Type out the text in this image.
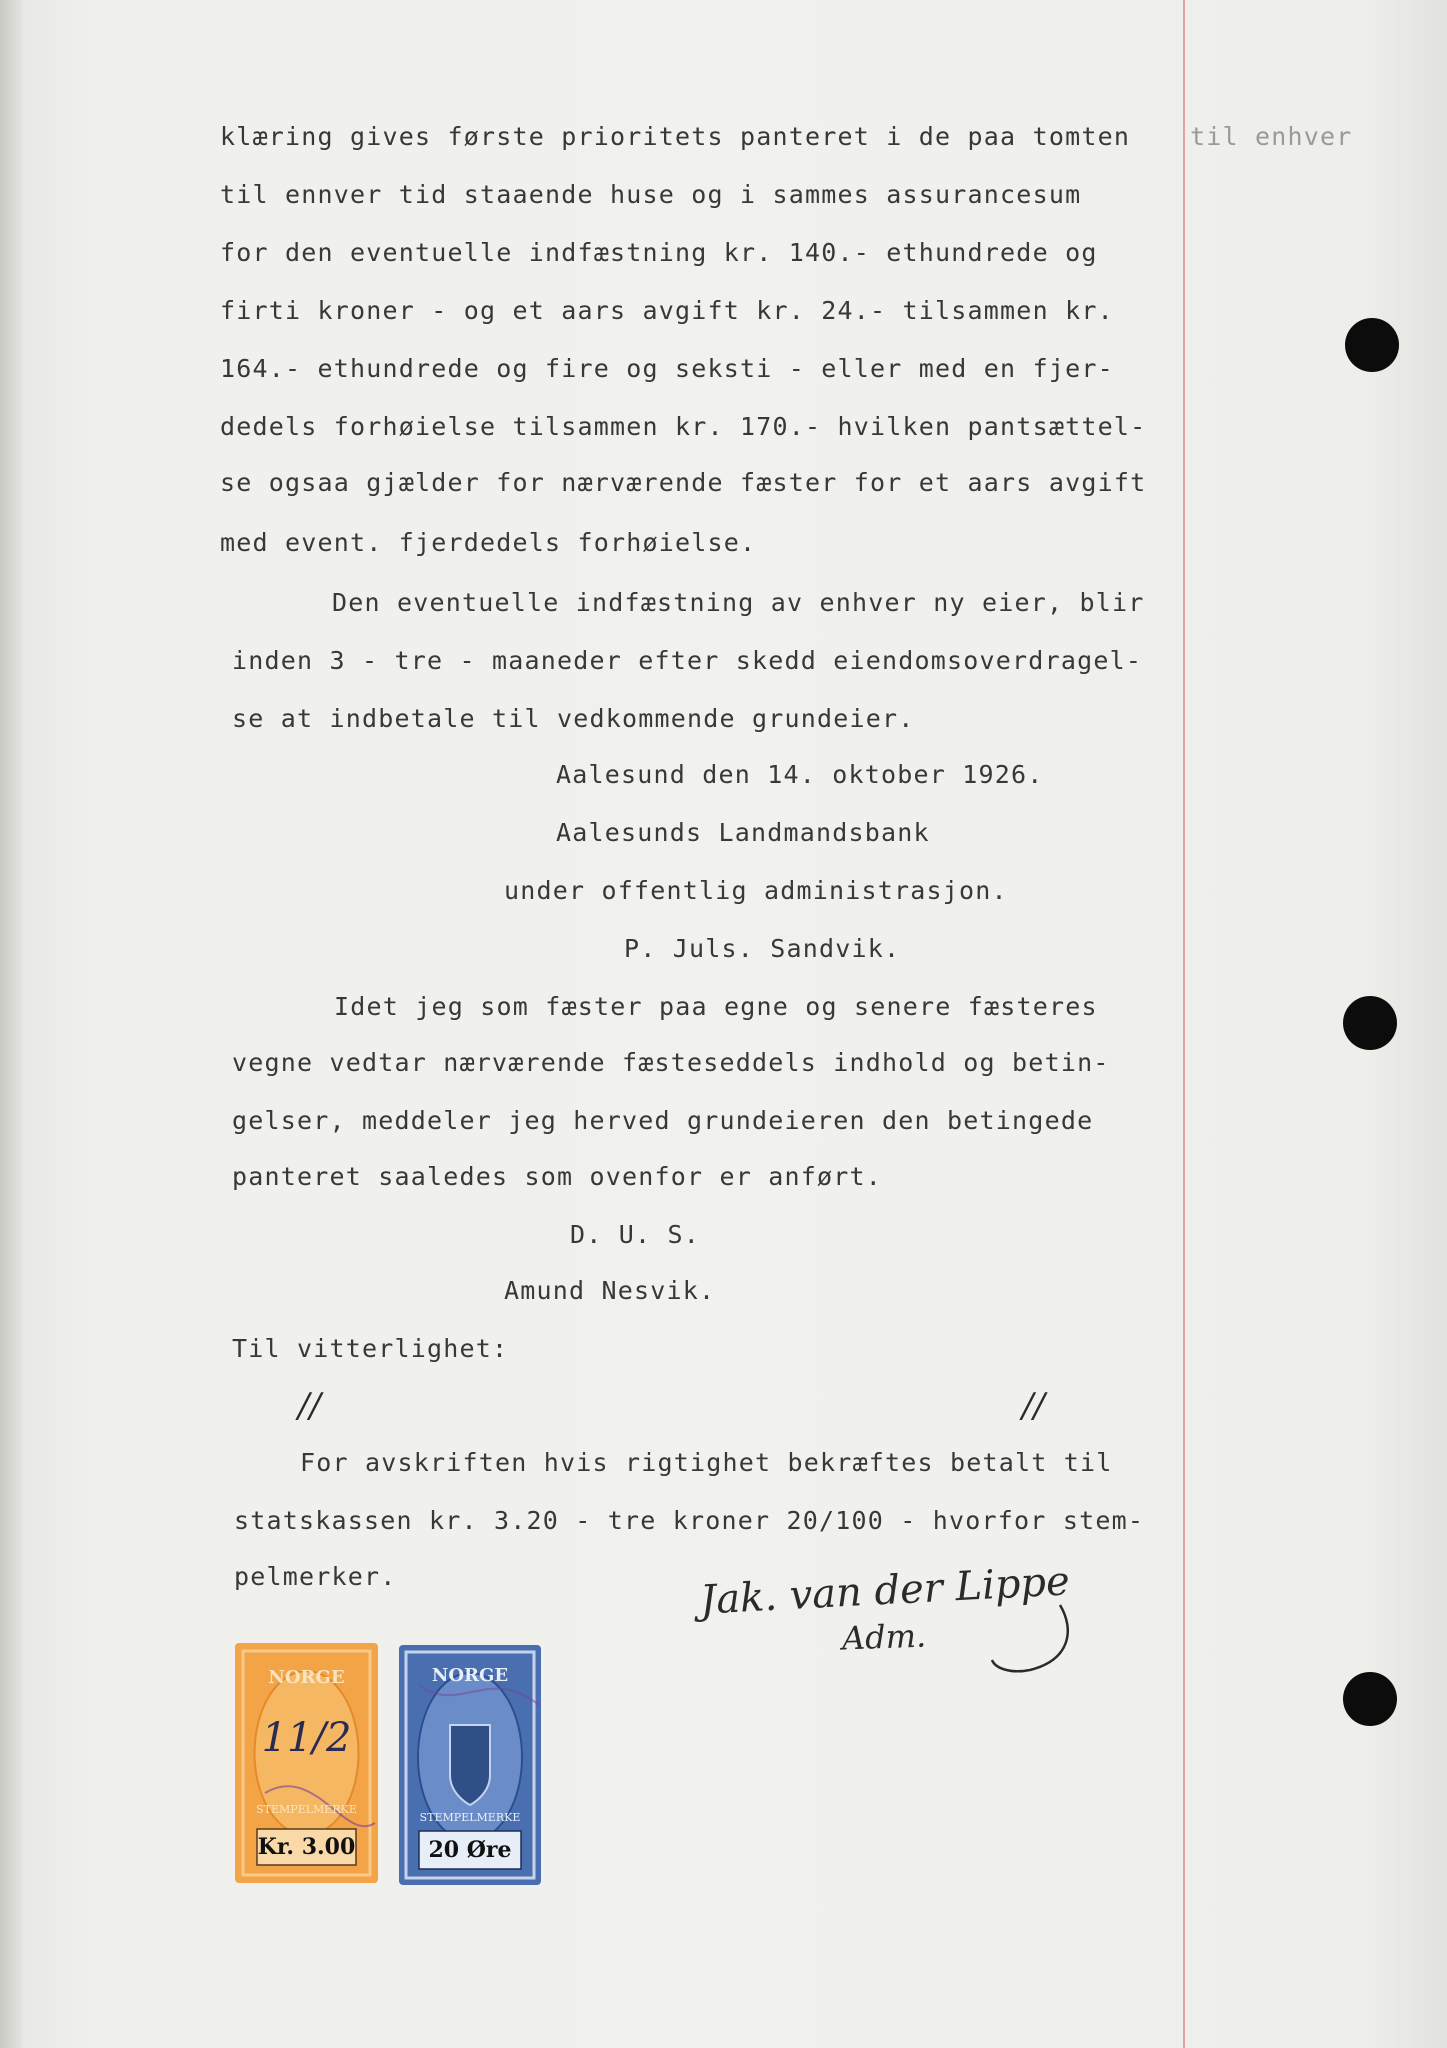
klæring gives første prioritets panteret i de paa tomten til enhver
til ennver tid staaende huse og i sammes assurancesum
for den eventuelle indfæstning kr. 140.- ethundrede og
firti kroner - og et aars avgift kr. 24.- tilsammen kr.
164.- ethundrede og fire og seksti - eller med en fjer-
dedels forhøielse tilsammen kr. 170.- hvilken pantsættel-
se ogsaa gjælder for nærværende fæster for et aars avgift
med event. fjerdedels forhøielse.
Den eventuelle indfæstning av enhver ny eier, blir
inden 3 - tre - maaneder efter skedd eiendomsoverdragel-
se at indbetale til vedkommende grundeier.
Aalesund den 14. oktober 1926.
Aalesunds Landmandsbank
under offentlig administrasjon.
P. Juls. Sandvik.
Idet jeg som fæster paa egne og senere fæsteres
vegne vedtar nærværende fæsteseddels indhold og betin-
gelser, meddeler jeg herved grundeieren den betingede
panteret saaledes som ovenfor er anført.
D. U. S.
Amund Nesvik.
Til vitterlighet:
//	//
For avskriften hvis rigtighet bekræftes betalt til
statskassen kr. 3.20 - tre kroner 20/100 - hvorfor stem-
pelmerker.	Jak. van der Lippe
Adm.
NORGE
STEMPELMERKE
11/2
Kr. 3.00
NORGE
STEMPELMERKE
20 Øre
